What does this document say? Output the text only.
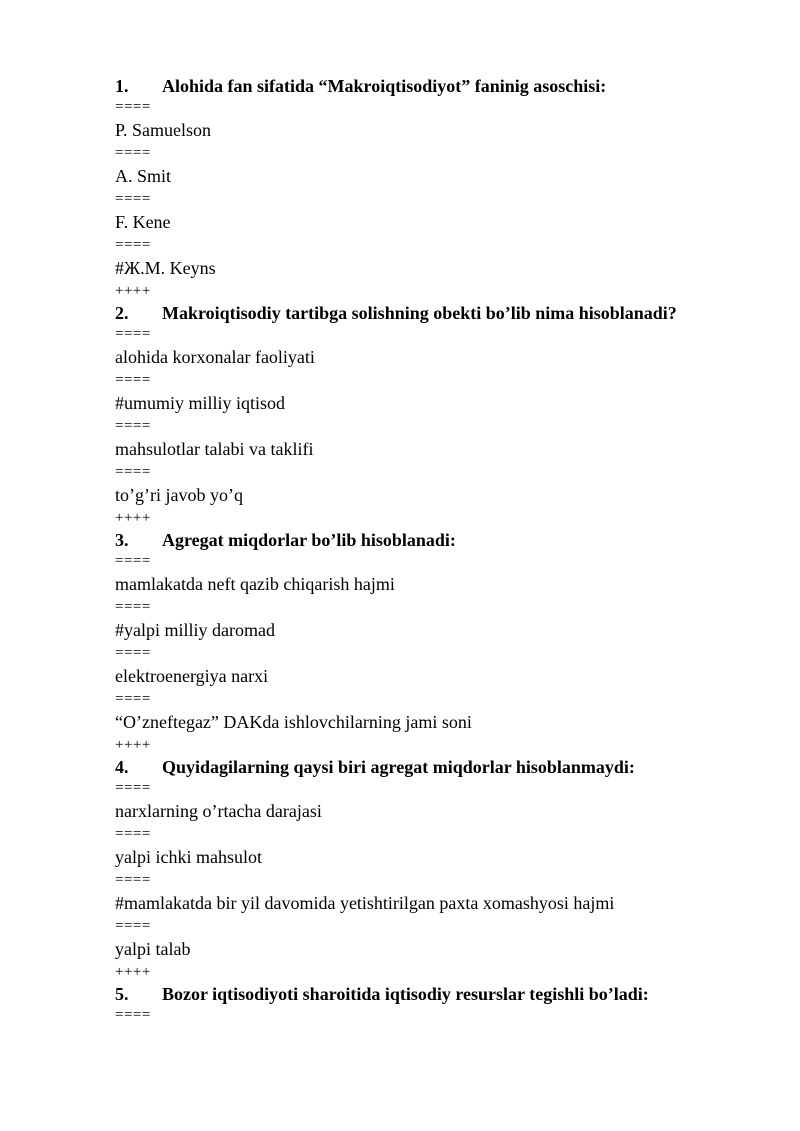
1.	Alohida fan sifatida “Makroiqtisodiyot” faninig asoschisi:
====
P. Samuelson
====
A. Smit
====
F. Kene
====
#Ж.М. Keyns
++++
2.	Makroiqtisodiy tartibga solishning obekti bo’lib nima hisoblanadi?
====
alohida korxonalar faoliyati
====
#umumiy milliy iqtisod
====
mahsulotlar talabi va taklifi
====
to’g’ri javob yo’q
++++
3.	Agregat miqdorlar bo’lib hisoblanadi:
====
mamlakatda neft qazib chiqarish hajmi
====
#yalpi milliy daromad
====
elektroenergiya narxi
====
“O’zneftegaz” DAKda ishlovchilarning jami soni
++++
4.	Quyidagilarning qaysi biri agregat miqdorlar hisoblanmaydi:
====
narxlarning o’rtacha darajasi
====
yalpi ichki mahsulot
====
#mamlakatda bir yil davomida yetishtirilgan paxta xomashyosi hajmi
====
yalpi talab
++++
5.	Bozor iqtisodiyoti sharoitida iqtisodiy resurslar tegishli bo’ladi:
====
